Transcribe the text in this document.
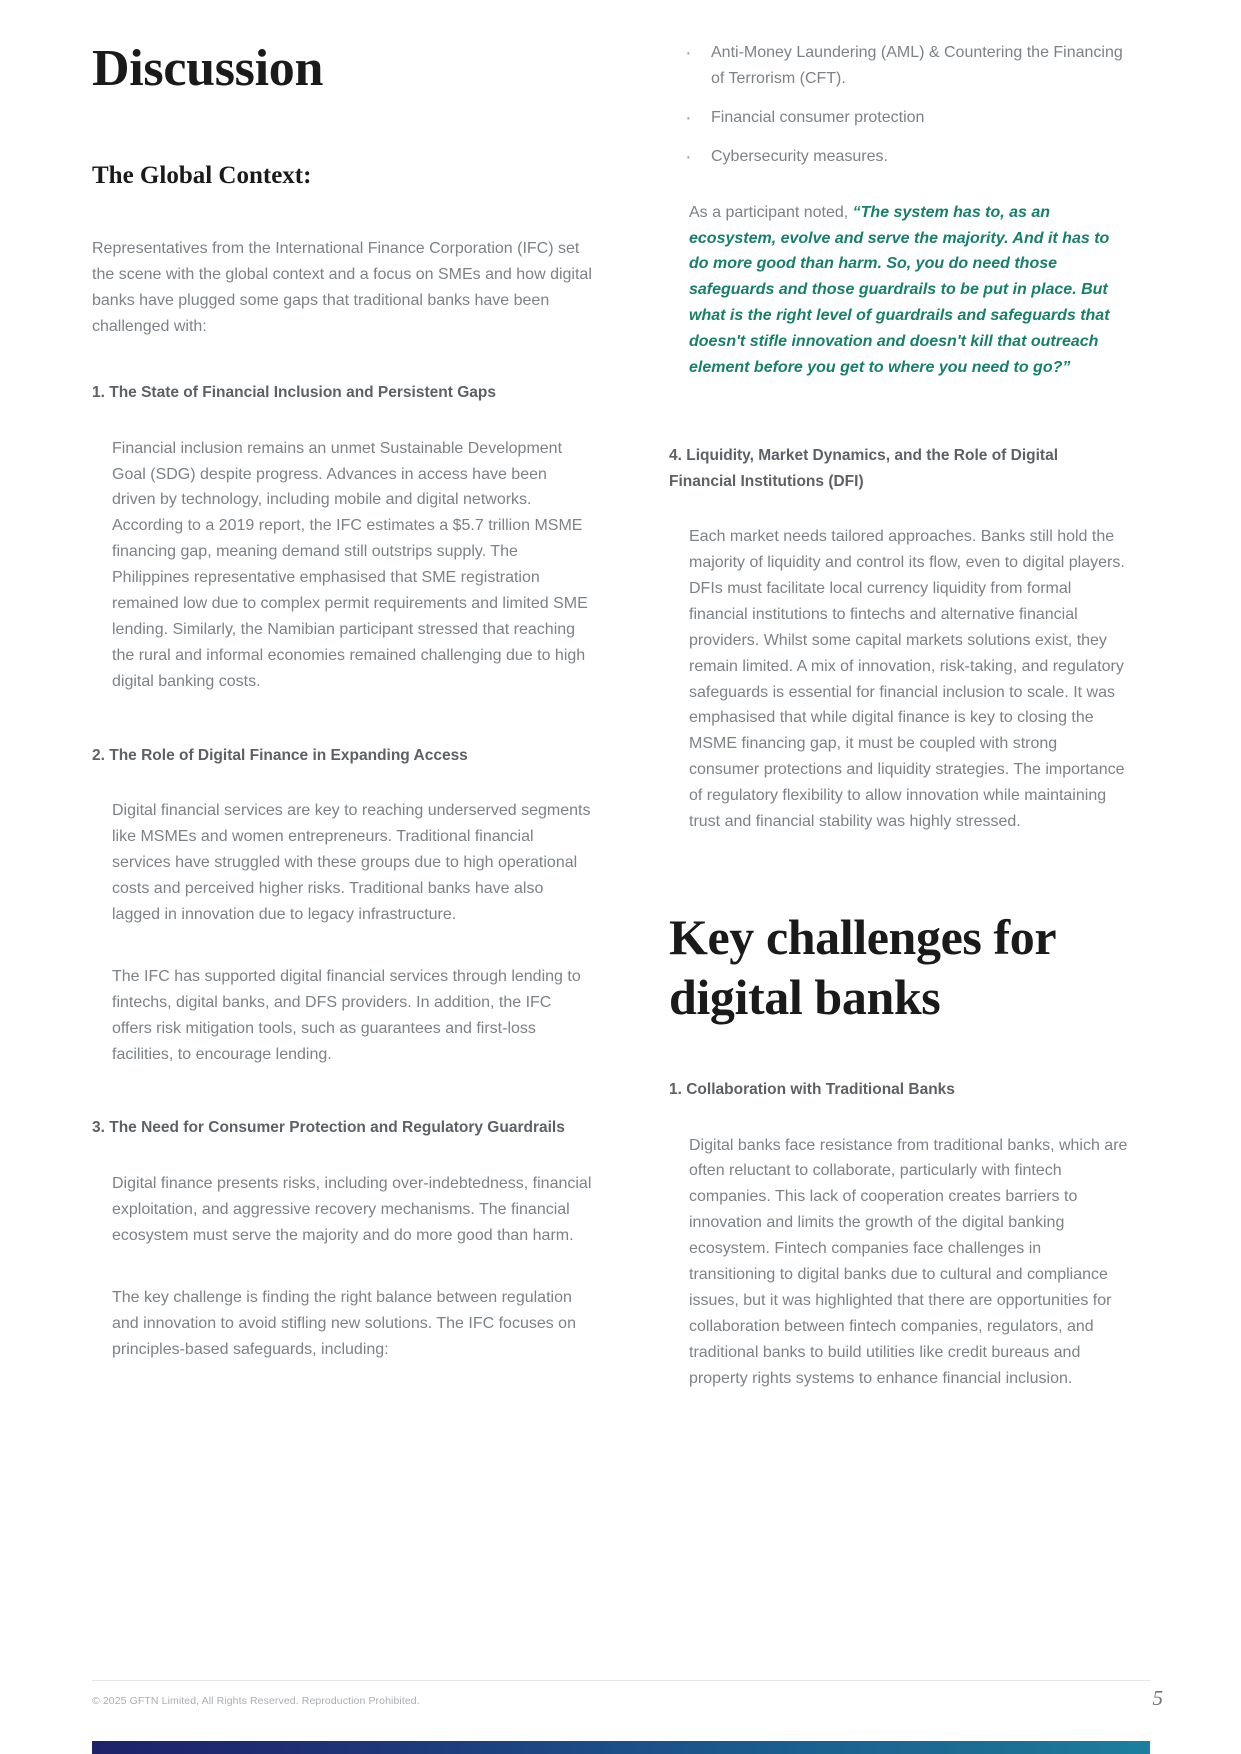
Discussion
The Global Context:

Representatives from the International Finance Corporation (IFC) set the scene with the global context and a focus on SMEs and how digital banks have plugged some gaps that traditional banks have been challenged with:

1. The State of Financial Inclusion and Persistent Gaps

Financial inclusion remains an unmet Sustainable Development Goal (SDG) despite progress. Advances in access have been driven by technology, including mobile and digital networks. According to a 2019 report, the IFC estimates a $5.7 trillion MSME financing gap, meaning demand still outstrips supply. The Philippines representative emphasised that SME registration remained low due to complex permit requirements and limited SME lending. Similarly, the Namibian participant stressed that reaching the rural and informal economies remained challenging due to high digital banking costs.

2. The Role of Digital Finance in Expanding Access

Digital financial services are key to reaching underserved segments like MSMEs and women entrepreneurs. Traditional financial services have struggled with these groups due to high operational costs and perceived higher risks. Traditional banks have also lagged in innovation due to legacy infrastructure.

The IFC has supported digital financial services through lending to fintechs, digital banks, and DFS providers. In addition, the IFC offers risk mitigation tools, such as guarantees and first-loss facilities, to encourage lending.

3. The Need for Consumer Protection and Regulatory Guardrails

Digital finance presents risks, including over-indebtedness, financial exploitation, and aggressive recovery mechanisms. The financial ecosystem must serve the majority and do more good than harm.

The key challenge is finding the right balance between regulation and innovation to avoid stifling new solutions. The IFC focuses on principles-based safeguards, including:

· Anti-Money Laundering (AML) & Countering the Financing of Terrorism (CFT).
· Financial consumer protection
· Cybersecurity measures.
As a participant noted, “The system has to, as an ecosystem, evolve and serve the majority. And it has to do more good than harm. So, you do need those safeguards and those guardrails to be put in place. But what is the right level of guardrails and safeguards that doesn't stifle innovation and doesn't kill that outreach element before you get to where you need to go?”
4. Liquidity, Market Dynamics, and the Role of Digital Financial Institutions (DFI)

Each market needs tailored approaches. Banks still hold the majority of liquidity and control its flow, even to digital players. DFIs must facilitate local currency liquidity from formal financial institutions to fintechs and alternative financial providers. Whilst some capital markets solutions exist, they remain limited. A mix of innovation, risk-taking, and regulatory safeguards is essential for financial inclusion to scale. It was emphasised that while digital finance is key to closing the MSME financing gap, it must be coupled with strong consumer protections and liquidity strategies. The importance of regulatory flexibility to allow innovation while maintaining trust and financial stability was highly stressed.

Key challenges for digital banks
1. Collaboration with Traditional Banks

Digital banks face resistance from traditional banks, which are often reluctant to collaborate, particularly with fintech companies. This lack of cooperation creates barriers to innovation and limits the growth of the digital banking ecosystem. Fintech companies face challenges in transitioning to digital banks due to cultural and compliance issues, but it was highlighted that there are opportunities for collaboration between fintech companies, regulators, and traditional banks to build utilities like credit bureaus and property rights systems to enhance financial inclusion.

© 2025 GFTN Limited, All Rights Reserved. Reproduction Prohibited.	5
